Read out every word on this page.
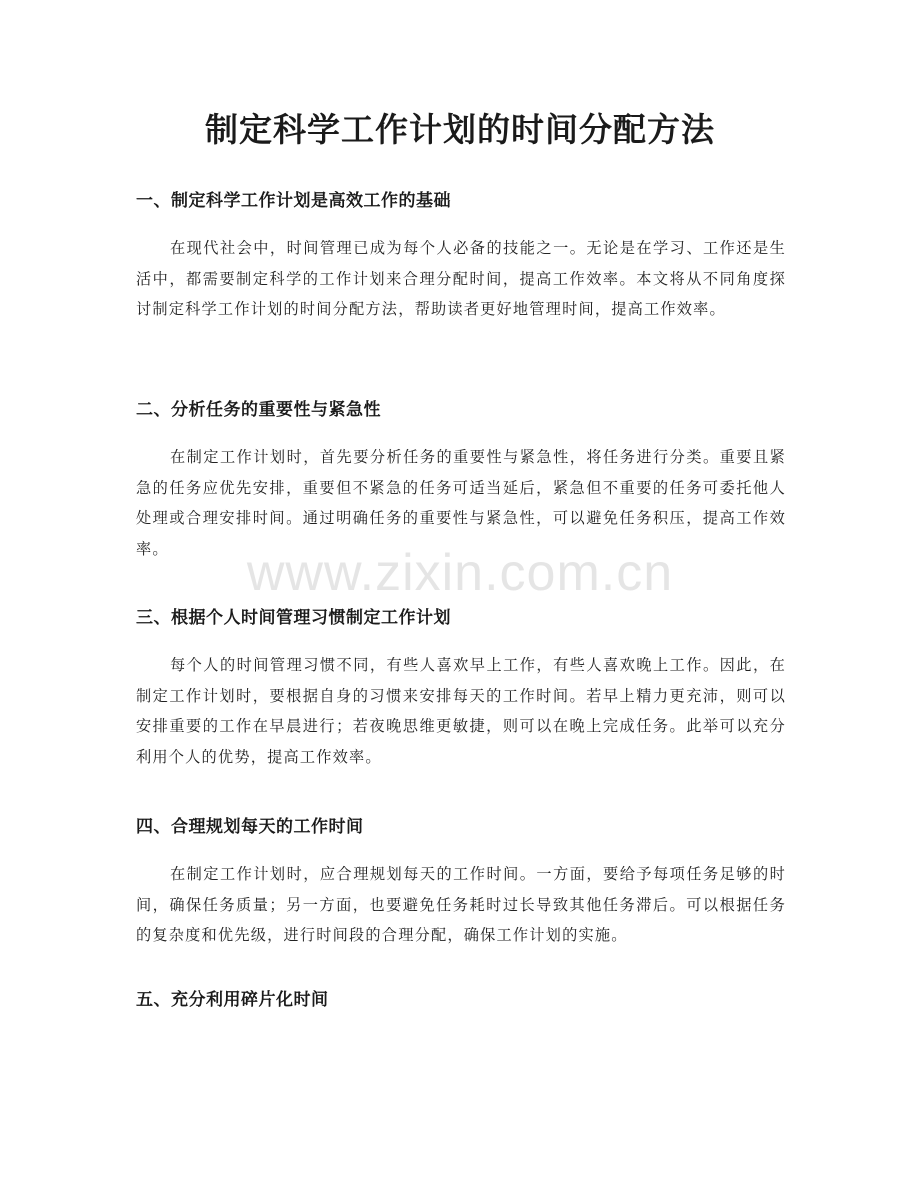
制定科学工作计划的时间分配方法
一、制定科学工作计划是高效工作的基础

在现代社会中，时间管理已成为每个人必备的技能之一。无论是在学习、工作还是生活中，都需要制定科学的工作计划来合理分配时间，提高工作效率。本文将从不同角度探讨制定科学工作计划的时间分配方法，帮助读者更好地管理时间，提高工作效率。

二、分析任务的重要性与紧急性

在制定工作计划时，首先要分析任务的重要性与紧急性，将任务进行分类。重要且紧急的任务应优先安排，重要但不紧急的任务可适当延后，紧急但不重要的任务可委托他人处理或合理安排时间。通过明确任务的重要性与紧急性，可以避免任务积压，提高工作效率。

三、根据个人时间管理习惯制定工作计划

每个人的时间管理习惯不同，有些人喜欢早上工作，有些人喜欢晚上工作。因此，在制定工作计划时，要根据自身的习惯来安排每天的工作时间。若早上精力更充沛，则可以安排重要的工作在早晨进行；若夜晚思维更敏捷，则可以在晚上完成任务。此举可以充分利用个人的优势，提高工作效率。

四、合理规划每天的工作时间

在制定工作计划时，应合理规划每天的工作时间。一方面，要给予每项任务足够的时间，确保任务质量；另一方面，也要避免任务耗时过长导致其他任务滞后。可以根据任务的复杂度和优先级，进行时间段的合理分配，确保工作计划的实施。

五、充分利用碎片化时间
www.zixin.com.cn
